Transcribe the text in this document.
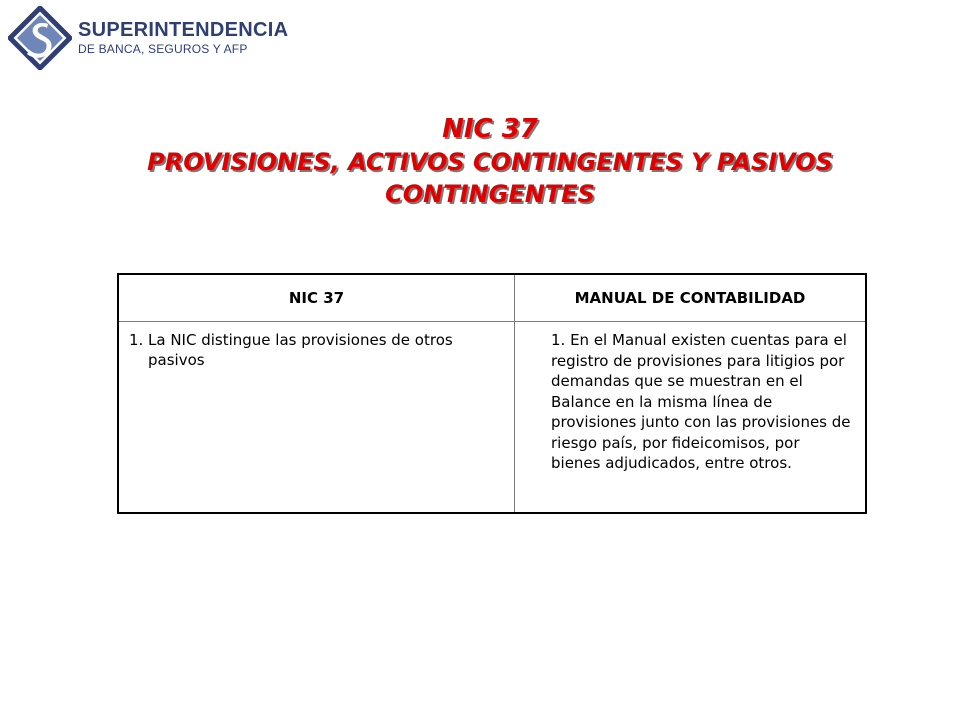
SUPERINTENDENCIA
DE BANCA, SEGUROS Y AFP
NIC 37
PROVISIONES, ACTIVOS CONTINGENTES Y PASIVOS
CONTINGENTES
NIC 37	MANUAL DE CONTABILIDAD

1. La NIC distingue las provisiones de otros pasivos	1. En el Manual existen cuentas para el registro de provisiones para litigios por demandas que se muestran en el Balance en la misma línea de provisiones junto con las provisiones de riesgo país, por fideicomisos, por bienes adjudicados, entre otros.
